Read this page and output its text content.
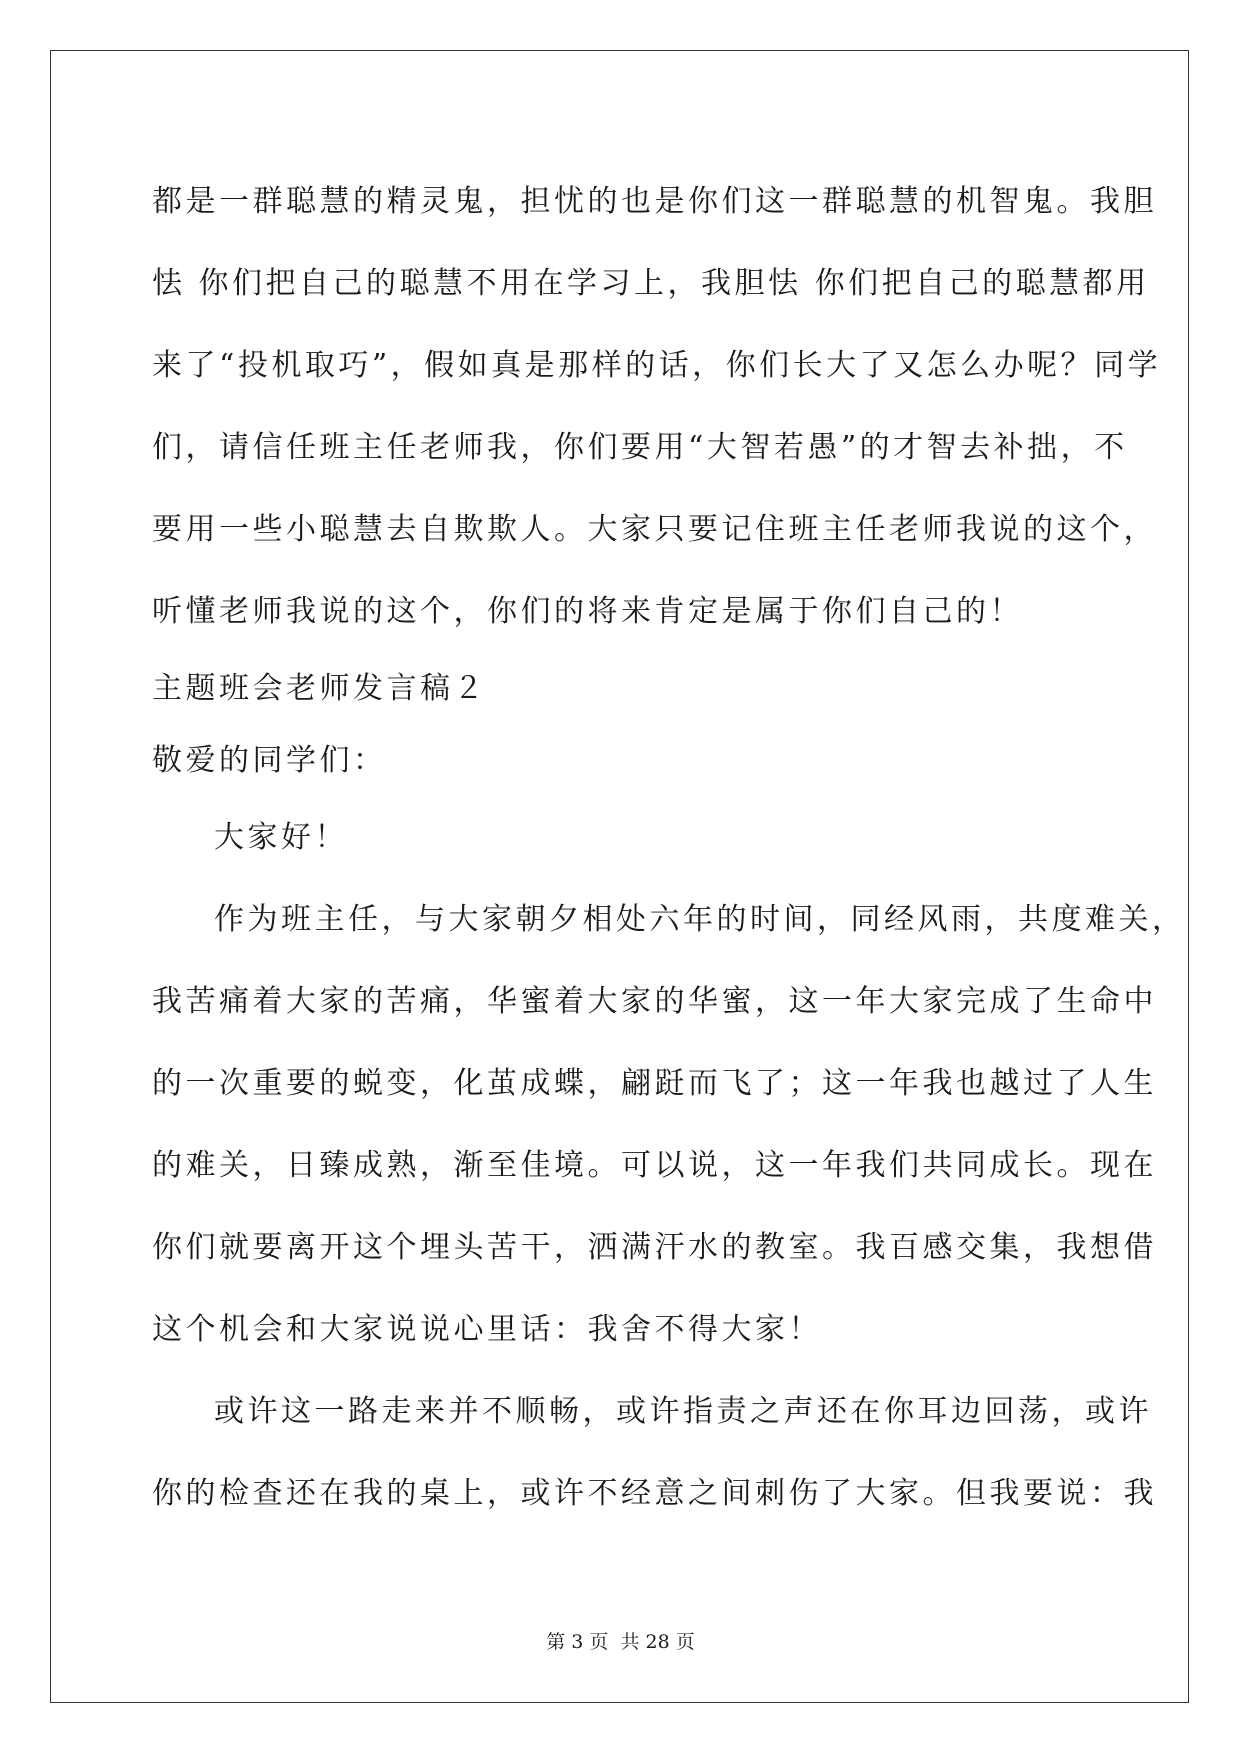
都是一群聪慧的精灵鬼，担忧的也是你们这一群聪慧的机智鬼。我胆
怯 你们把自己的聪慧不用在学习上，我胆怯 你们把自己的聪慧都用
来了“投机取巧”，假如真是那样的话，你们长大了又怎么办呢？同学
们，请信任班主任老师我，你们要用“大智若愚”的才智去补拙，不
要用一些小聪慧去自欺欺人。大家只要记住班主任老师我说的这个，
听懂老师我说的这个，你们的将来肯定是属于你们自己的！
主题班会老师发言稿２
敬爱的同学们：
大家好！
作为班主任，与大家朝夕相处六年的时间，同经风雨，共度难关，
我苦痛着大家的苦痛，华蜜着大家的华蜜，这一年大家完成了生命中
的一次重要的蜕变，化茧成蝶，翩跹而飞了；这一年我也越过了人生
的难关，日臻成熟，渐至佳境。可以说，这一年我们共同成长。现在
你们就要离开这个埋头苦干，洒满汗水的教室。我百感交集，我想借
这个机会和大家说说心里话：我舍不得大家！
或许这一路走来并不顺畅，或许指责之声还在你耳边回荡，或许
你的检查还在我的桌上，或许不经意之间刺伤了大家。但我要说：我
第 3 页 共 28 页
